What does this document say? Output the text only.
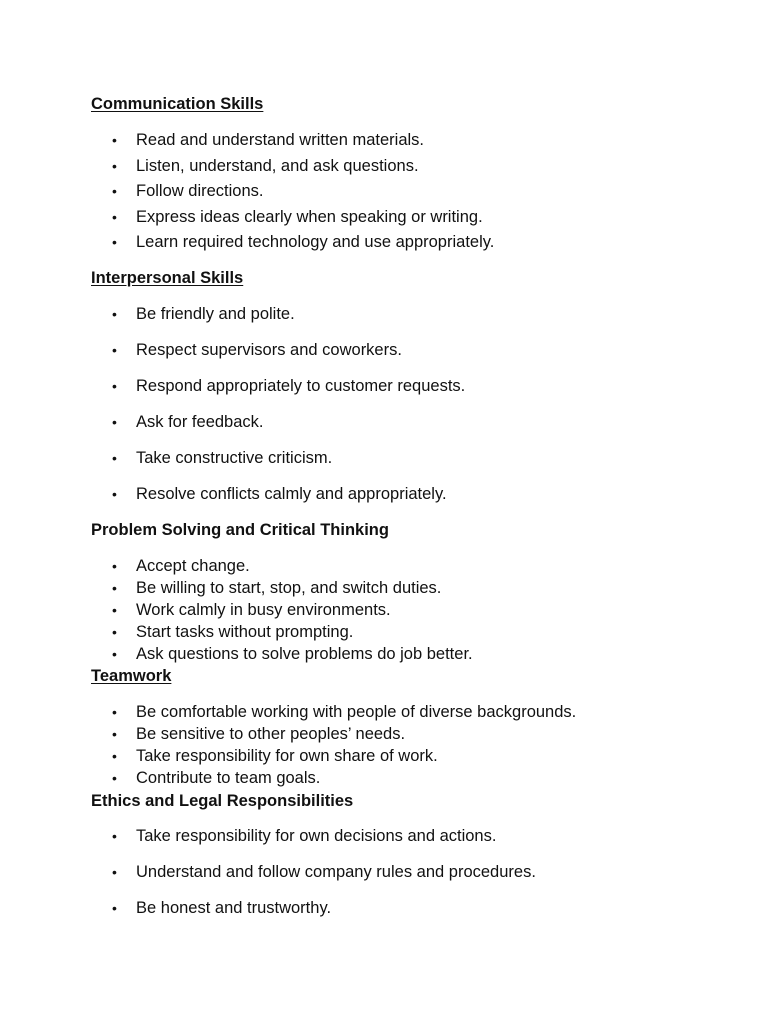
Communication Skills

• Read and understand written materials.

• Listen, understand, and ask questions.

• Follow directions.

• Express ideas clearly when speaking or writing.

• Learn required technology and use appropriately.

Interpersonal Skills

• Be friendly and polite.

• Respect supervisors and coworkers.

• Respond appropriately to customer requests.

• Ask for feedback.

• Take constructive criticism.

• Resolve conflicts calmly and appropriately.

Problem Solving and Critical Thinking

• Accept change.

• Be willing to start, stop, and switch duties.

• Work calmly in busy environments.

• Start tasks without prompting.

• Ask questions to solve problems do job better.

Teamwork

• Be comfortable working with people of diverse backgrounds.

• Be sensitive to other peoples’ needs.

• Take responsibility for own share of work.

• Contribute to team goals.

Ethics and Legal Responsibilities

• Take responsibility for own decisions and actions.

• Understand and follow company rules and procedures.

• Be honest and trustworthy.
